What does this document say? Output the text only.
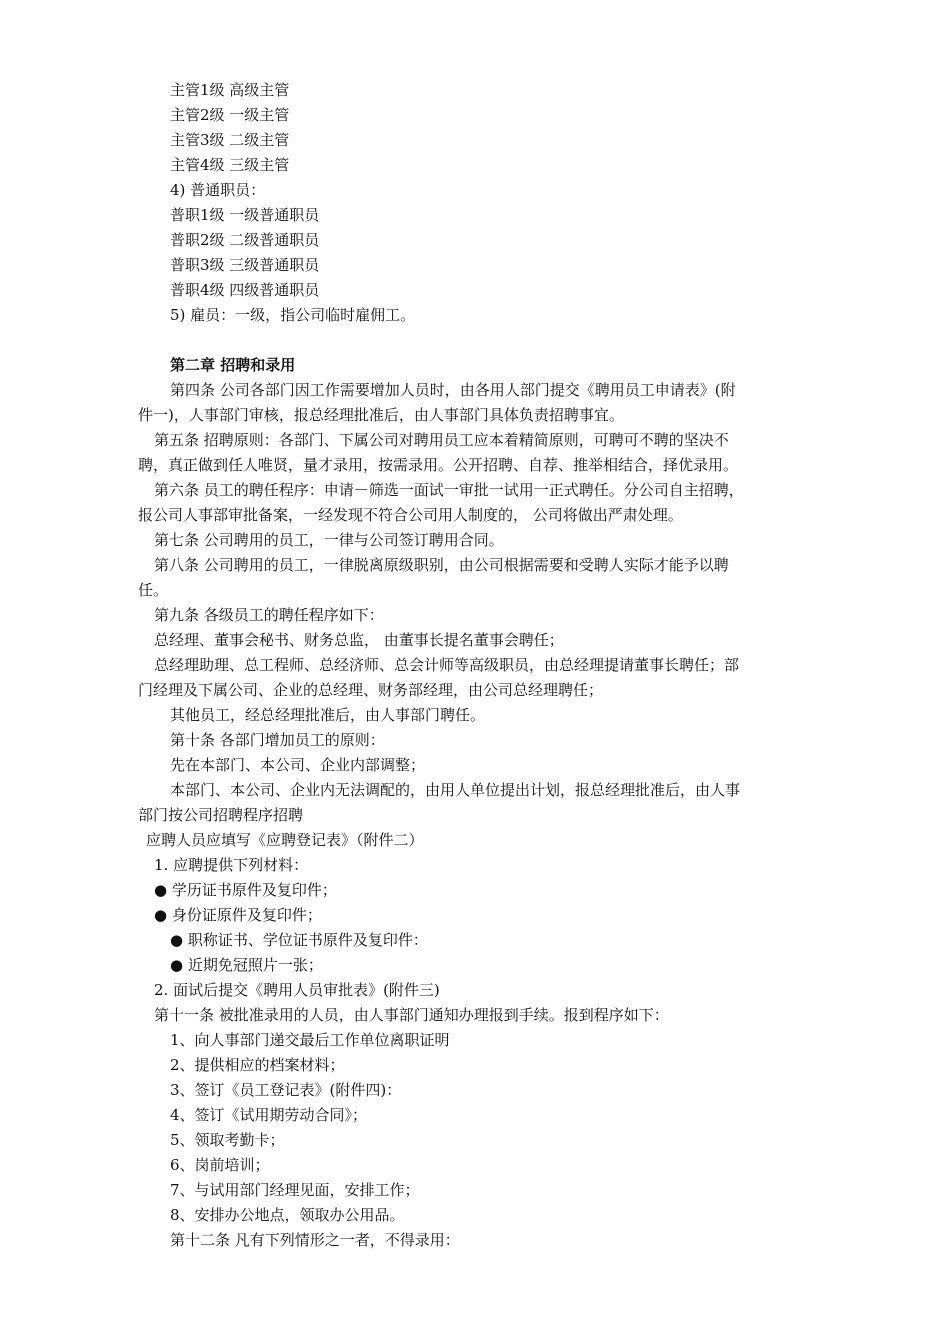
主管1级 高级主管
主管2级 一级主管
主管3级 二级主管
主管4级 三级主管
4) 普通职员：
普职1级 一级普通职员
普职2级 二级普通职员
普职3级 三级普通职员
普职4级 四级普通职员
5) 雇员：一级，指公司临时雇佣工。
第二章 招聘和录用
第四条 公司各部门因工作需要增加人员时，由各用人部门提交《聘用员工申请表》(附
件一)，人事部门审核，报总经理批准后，由人事部门具体负责招聘事宜。
第五条 招聘原则：各部门、下属公司对聘用员工应本着精简原则，可聘可不聘的坚决不
聘，真正做到任人唯贤，量才录用，按需录用。公开招聘、自荐、推举相结合，择优录用。
第六条 员工的聘任程序：申请－筛选一面试一审批一试用一正式聘任。分公司自主招聘，
报公司人事部审批备案，一经发现不符合公司用人制度的， 公司将做出严肃处理。
第七条 公司聘用的员工，一律与公司签订聘用合同。
第八条 公司聘用的员工，一律脱离原级职别，由公司根据需要和受聘人实际才能予以聘
任。
第九条 各级员工的聘任程序如下：
总经理、董事会秘书、财务总监， 由董事长提名董事会聘任；
总经理助理、总工程师、总经济师、总会计师等高级职员，由总经理提请董事长聘任；部
门经理及下属公司、企业的总经理、财务部经理，由公司总经理聘任；
其他员工，经总经理批准后，由人事部门聘任。
第十条 各部门增加员工的原则：
先在本部门、本公司、企业内部调整；
本部门、本公司、企业内无法调配的，由用人单位提出计划，报总经理批准后，由人事
部门按公司招聘程序招聘
应聘人员应填写《应聘登记表》（附件二）
1. 应聘提供下列材料：
● 学历证书原件及复印件；
● 身份证原件及复印件；
● 职称证书、学位证书原件及复印件：
● 近期免冠照片一张；
2. 面试后提交《聘用人员审批表》(附件三)
第十一条 被批准录用的人员，由人事部门通知办理报到手续。报到程序如下：
1、向人事部门递交最后工作单位离职证明
2、提供相应的档案材料；
3、签订《员工登记表》(附件四)：
4、签订《试用期劳动合同》；
5、领取考勤卡；
6、岗前培训；
7、与试用部门经理见面，安排工作；
8、安排办公地点，领取办公用品。
第十二条 凡有下列情形之一者，不得录用：
